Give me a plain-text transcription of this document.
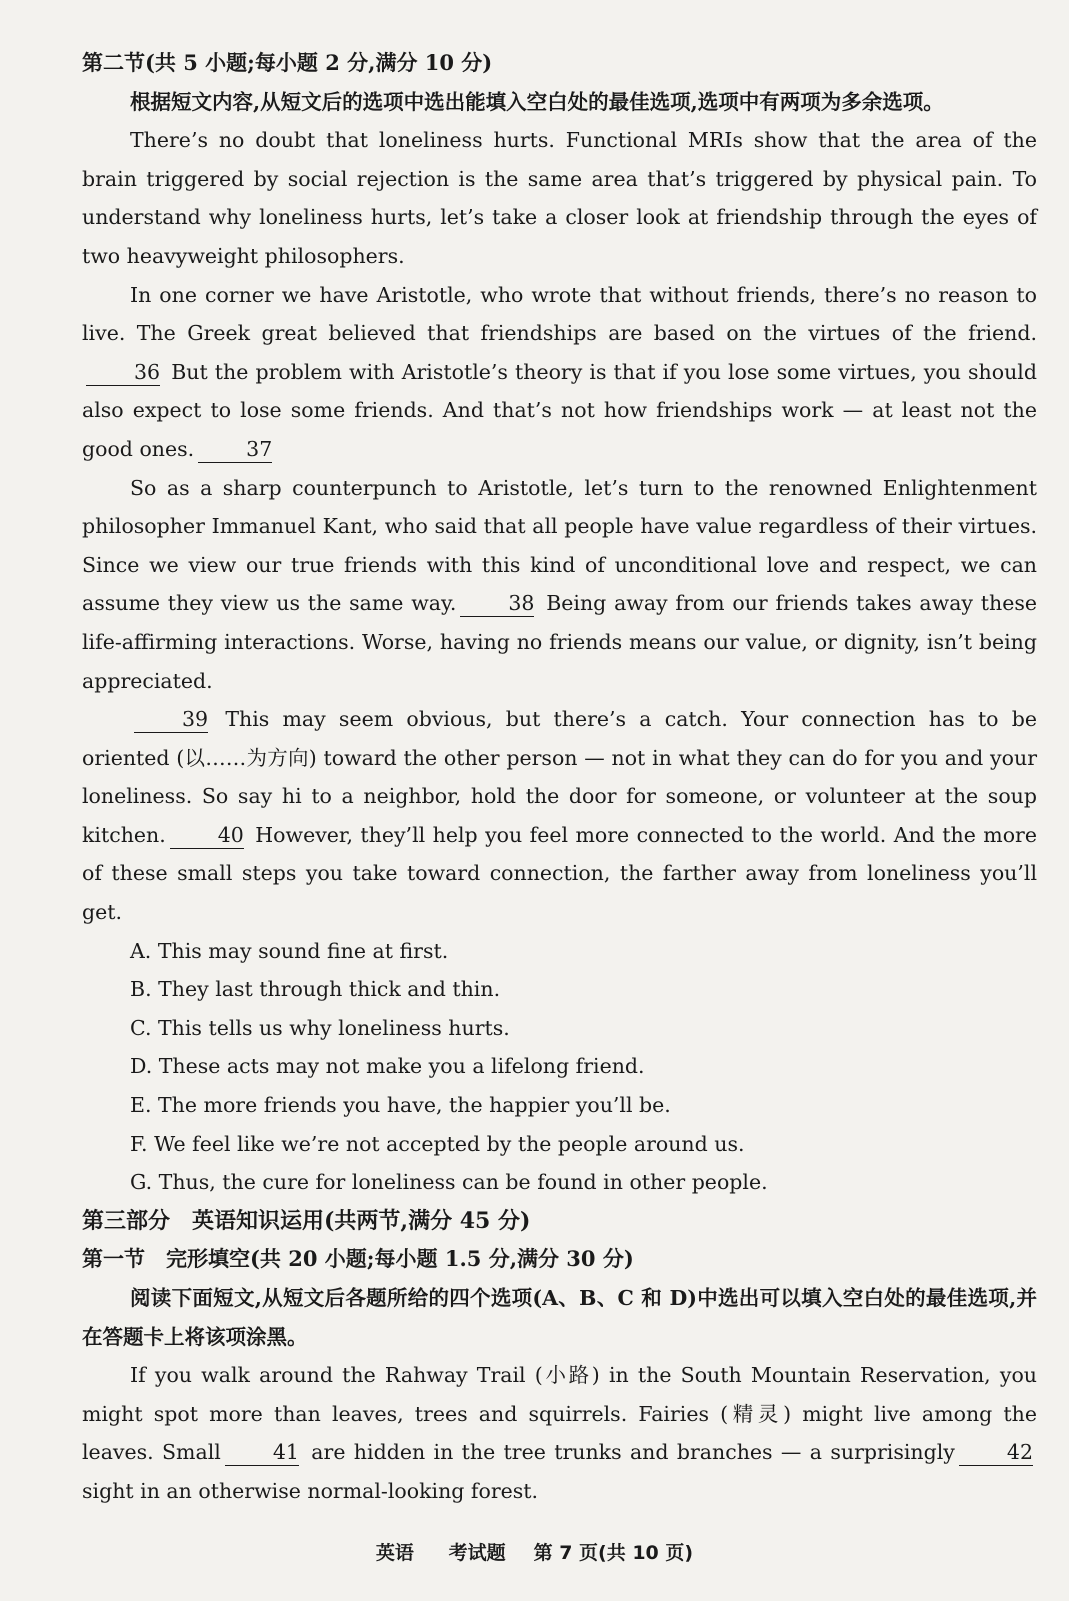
第二节(共 5 小题;每小题 2 分,满分 10 分)

根据短文内容,从短文后的选项中选出能填入空白处的最佳选项,选项中有两项为多余选项。

There’s no doubt that loneliness hurts. Functional MRIs show that the area of the brain triggered by social rejection is the same area that’s triggered by physical pain. To understand why loneliness hurts, let’s take a closer look at friendship through the eyes of two heavyweight philosophers.

In one corner we have Aristotle, who wrote that without friends, there’s no reason to live. The Greek great believed that friendships are based on the virtues of the friend.36 But the problem with Aristotle’s theory is that if you lose some virtues, you should also expect to lose some friends. And that’s not how friendships work — at least not the good ones.	37

So as a sharp counterpunch to Aristotle, let’s turn to the renowned Enlightenment philosopher Immanuel Kant, who said that all people have value regardless of their virtues. Since we view our true friends with this kind of unconditional love and respect, we can assume they view us the same way.	38 Being away from our friends takes away these life-affirming interactions. Worse, having no friends means our value, or dignity, isn’t being appreciated.

39 This may seem obvious, but there’s a catch. Your connection has to be oriented (以……为方向) toward the other person — not in what they can do for you and your loneliness. So say hi to a neighbor, hold the door for someone, or volunteer at the soup kitchen.	40 However, they’ll help you feel more connected to the world. And the more of these small steps you take toward connection, the farther away from loneliness you’ll get.

A. This may sound fine at first.
B. They last through thick and thin.
C. This tells us why loneliness hurts.
D. These acts may not make you a lifelong friend.
E. The more friends you have, the happier you’ll be.
F. We feel like we’re not accepted by the people around us.
G. Thus, the cure for loneliness can be found in other people.
第三部分　英语知识运用(共两节,满分 45 分)
第一节　完形填空(共 20 小题;每小题 1.5 分,满分 30 分)

阅读下面短文,从短文后各题所给的四个选项(A、B、C 和 D)中选出可以填入空白处的最佳选项,并在答题卡上将该项涂黑。

If you walk around the Rahway Trail (小路) in the South Mountain Reservation, you might spot more than leaves, trees and squirrels. Fairies (精灵) might live among the leaves. Small	41 are hidden in the tree trunks and branches — a surprisingly	42 sight in an otherwise normal-looking forest.

英语 考试题 第 7 页(共 10 页)
